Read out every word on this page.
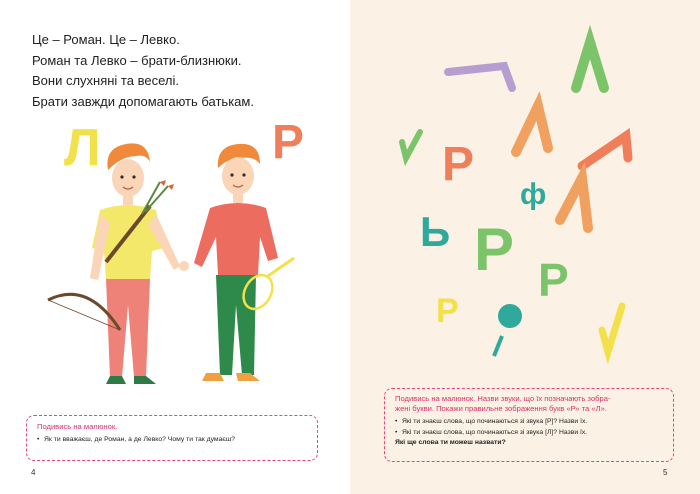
Це – Роман. Це – Левко.

Роман та Левко – брати-близнюки.

Вони слухняні та веселі.

Брати завжди допомагають батькам.

Л	Р

Подивись на малюнок.

• Як ти вважаєш, де Роман, а де Левко? Чому ти так думаєш?
4
Р
ф
Ь Р Р
Р

Подивись на малюнок. Назви звуки, що їх позначають зобра-

жені букви. Покажи правильне зображення букв «Р» та «Л».

• Які ти знаєш слова, що починаються зі звука [Р]? Назви їх.
• Які ти знаєш слова, що починаються зі звука [Л]? Назви їх.
Які ще слова ти можеш назвати?
5
